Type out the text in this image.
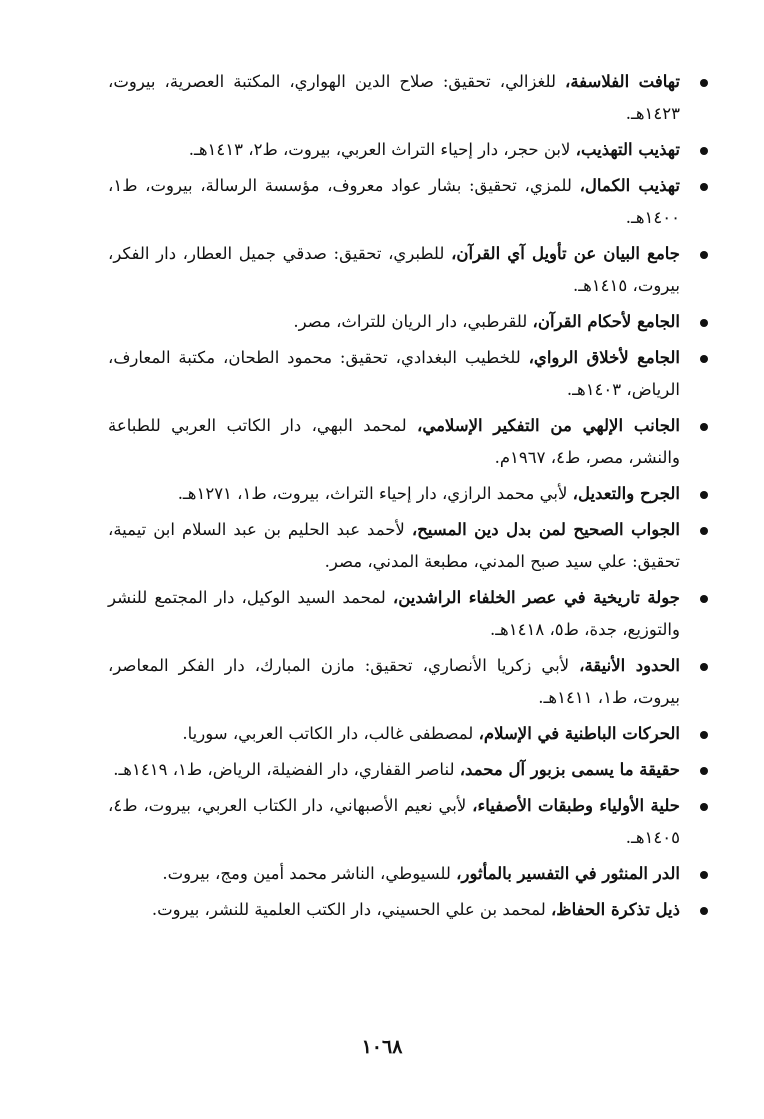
تهافت الفلاسفة، للغزالي، تحقيق: صلاح الدين الهواري، المكتبة العصرية، بيروت، ١٤٢٣هـ.
تهذيب التهذيب، لابن حجر، دار إحياء التراث العربي، بيروت، ط٢، ١٤١٣هـ.
تهذيب الكمال، للمزي، تحقيق: بشار عواد معروف، مؤسسة الرسالة، بيروت، ط١، ١٤٠٠هـ.
جامع البيان عن تأويل آي القرآن، للطبري، تحقيق: صدقي جميل العطار، دار الفكر، بيروت، ١٤١٥هـ.
الجامع لأحكام القرآن، للقرطبي، دار الريان للتراث، مصر.
الجامع لأخلاق الرواي، للخطيب البغدادي، تحقيق: محمود الطحان، مكتبة المعارف، الرياض، ١٤٠٣هـ.
الجانب الإلهي من التفكير الإسلامي، لمحمد البهي، دار الكاتب العربي للطباعة والنشر، مصر، ط٤، ١٩٦٧م.
الجرح والتعديل، لأبي محمد الرازي، دار إحياء التراث، بيروت، ط١، ١٢٧١هـ.
الجواب الصحيح لمن بدل دين المسيح، لأحمد عبد الحليم بن عبد السلام ابن تيمية، تحقيق: علي سيد صبح المدني، مطبعة المدني، مصر.
جولة تاريخية في عصر الخلفاء الراشدين، لمحمد السيد الوكيل، دار المجتمع للنشر والتوزيع، جدة، ط٥، ١٤١٨هـ.
الحدود الأنيقة، لأبي زكريا الأنصاري، تحقيق: مازن المبارك، دار الفكر المعاصر، بيروت، ط١، ١٤١١هـ.
الحركات الباطنية في الإسلام، لمصطفى غالب، دار الكاتب العربي، سوريا.
حقيقة ما يسمى بزبور آل محمد، لناصر القفاري، دار الفضيلة، الرياض، ط١، ١٤١٩هـ.
حلية الأولياء وطبقات الأصفياء، لأبي نعيم الأصبهاني، دار الكتاب العربي، بيروت، ط٤، ١٤٠٥هـ.
الدر المنثور في التفسير بالمأثور، للسيوطي، الناشر محمد أمين ومج، بيروت.
ذيل تذكرة الحفاظ، لمحمد بن علي الحسيني، دار الكتب العلمية للنشر، بيروت.
١٠٦٨
